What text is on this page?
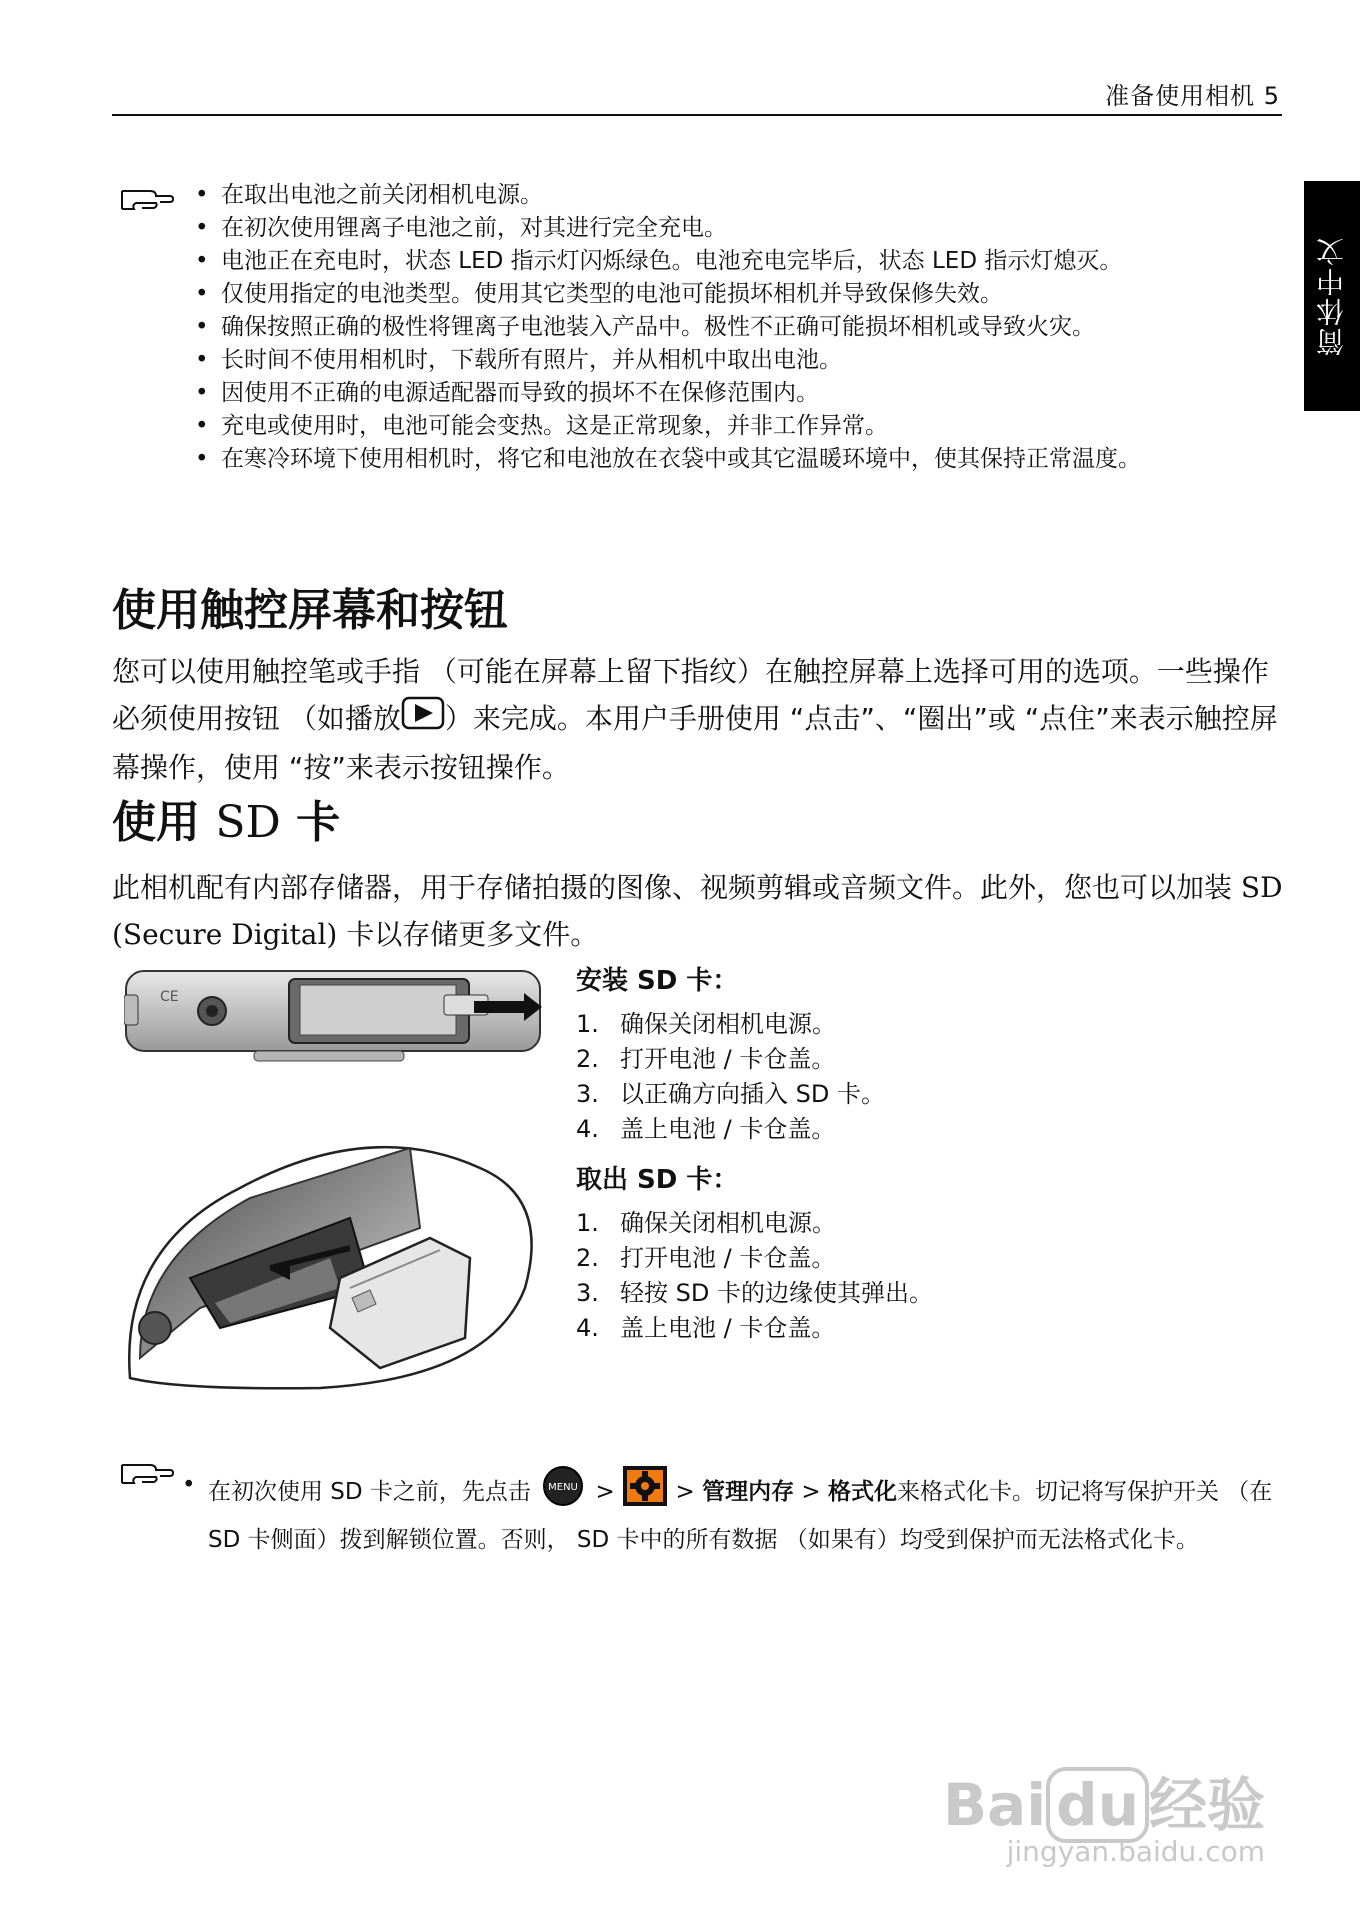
准备使用相机 5
简体中文
• 在取出电池之前关闭相机电源。
• 在初次使用锂离子电池之前，对其进行完全充电。
• 电池正在充电时，状态 LED 指示灯闪烁绿色。电池充电完毕后，状态 LED 指示灯熄灭。
• 仅使用指定的电池类型。使用其它类型的电池可能损坏相机并导致保修失效。
• 确保按照正确的极性将锂离子电池装入产品中。极性不正确可能损坏相机或导致火灾。
• 长时间不使用相机时，下载所有照片，并从相机中取出电池。
• 因使用不正确的电源适配器而导致的损坏不在保修范围内。
• 充电或使用时，电池可能会变热。这是正常现象，并非工作异常。
• 在寒冷环境下使用相机时，将它和电池放在衣袋中或其它温暖环境中，使其保持正常温度。
使用触控屏幕和按钮

您可以使用触控笔或手指 （可能在屏幕上留下指纹）在触控屏幕上选择可用的选项。一些操作必须使用按钮 （如播放 ）来完成。本用户手册使用 “点击”、“圈出”或 “点住”来表示触控屏幕操作，使用 “按”来表示按钮操作。

使用 SD 卡

此相机配有内部存储器，用于存储拍摄的图像、视频剪辑或音频文件。此外，您也可以加装 SD (Secure Digital) 卡以存储更多文件。

CE

安装 SD 卡：

1. 确保关闭相机电源。
2. 打开电池 / 卡仓盖。
3. 以正确方向插入 SD 卡。
4. 盖上电池 / 卡仓盖。

取出 SD 卡：

1. 确保关闭相机电源。
2. 打开电池 / 卡仓盖。
3. 轻按 SD 卡的边缘使其弹出。
4. 盖上电池 / 卡仓盖。
• 在初次使用 SD 卡之前，先点击 MENU >  > 管理内存 > 格式化来格式化卡。切记将写保护开关 （在 SD 卡侧面）拨到解锁位置。否则， SD 卡中的所有数据 （如果有）均受到保护而无法格式化卡。
Bai du 经验
jingyan.baidu.com
